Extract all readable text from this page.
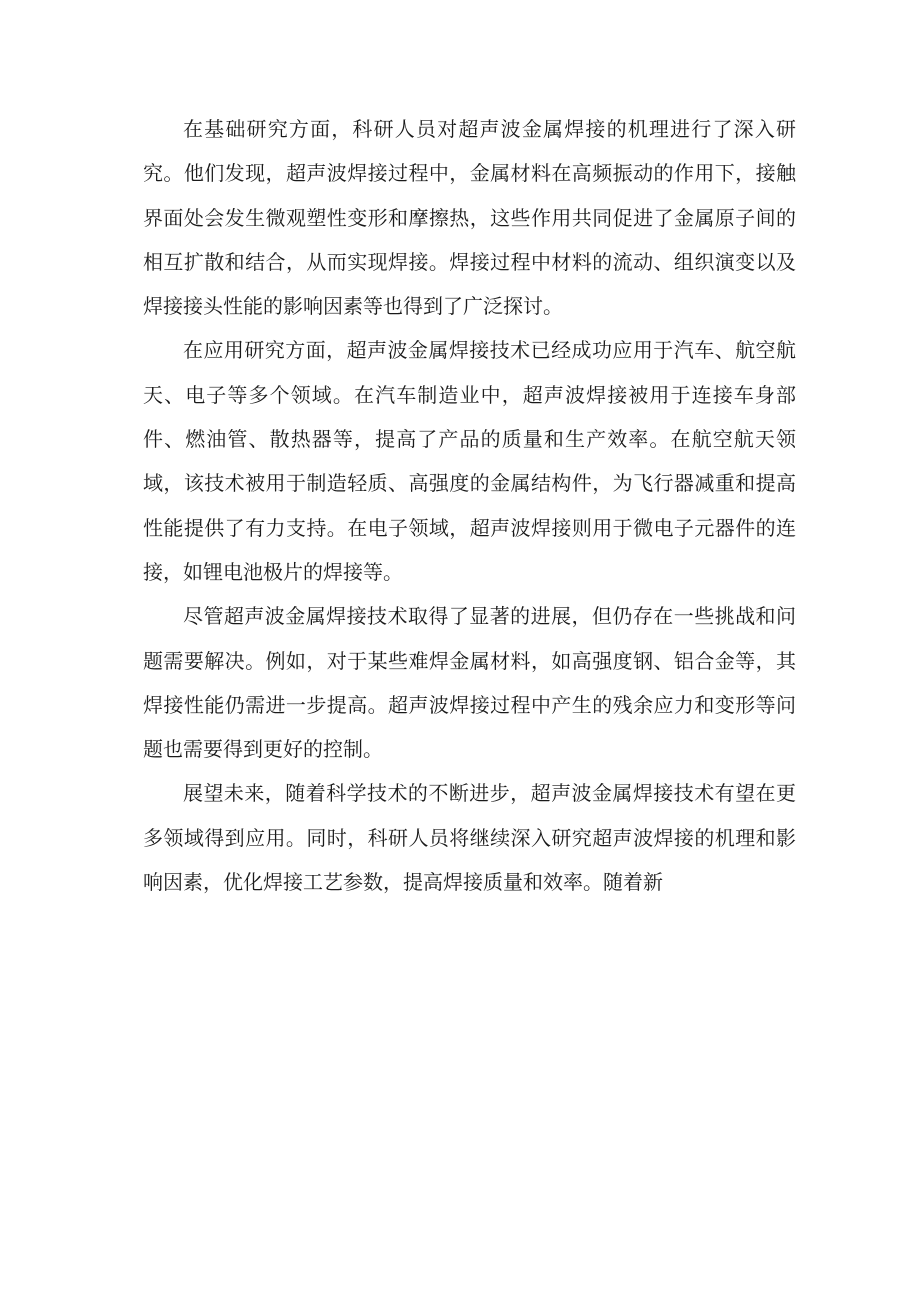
在基础研究方面，科研人员对超声波金属焊接的机理进行了深入研究。他们发现，超声波焊接过程中，金属材料在高频振动的作用下，接触界面处会发生微观塑性变形和摩擦热，这些作用共同促进了金属原子间的相互扩散和结合，从而实现焊接。焊接过程中材料的流动、组织演变以及焊接接头性能的影响因素等也得到了广泛探讨。

在应用研究方面，超声波金属焊接技术已经成功应用于汽车、航空航天、电子等多个领域。在汽车制造业中，超声波焊接被用于连接车身部件、燃油管、散热器等，提高了产品的质量和生产效率。在航空航天领域，该技术被用于制造轻质、高强度的金属结构件，为飞行器减重和提高性能提供了有力支持。在电子领域，超声波焊接则用于微电子元器件的连接，如锂电池极片的焊接等。

尽管超声波金属焊接技术取得了显著的进展，但仍存在一些挑战和问题需要解决。例如，对于某些难焊金属材料，如高强度钢、铝合金等，其焊接性能仍需进一步提高。超声波焊接过程中产生的残余应力和变形等问题也需要得到更好的控制。

展望未来，随着科学技术的不断进步，超声波金属焊接技术有望在更多领域得到应用。同时，科研人员将继续深入研究超声波焊接的机理和影响因素，优化焊接工艺参数，提高焊接质量和效率。随着新
